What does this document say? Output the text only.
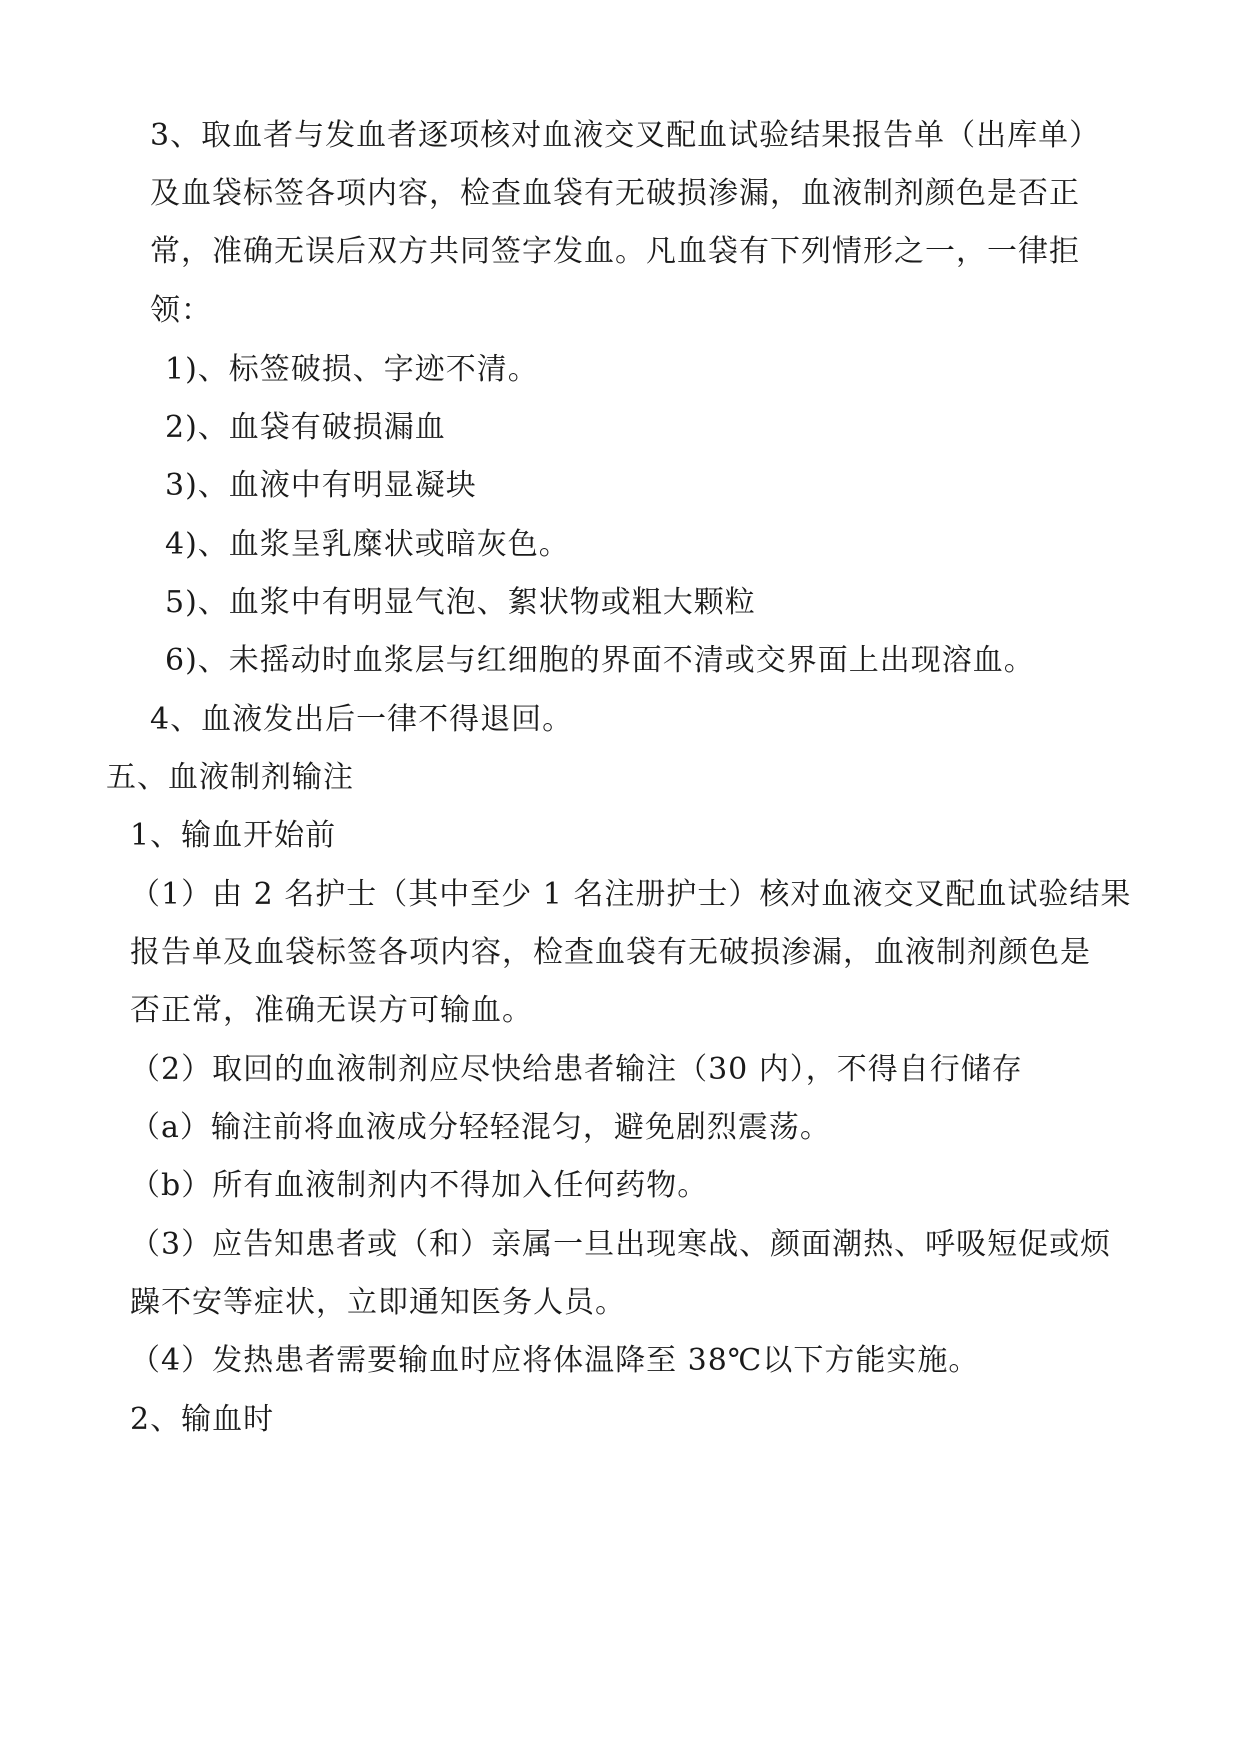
3、取血者与发血者逐项核对血液交叉配血试验结果报告单（出库单）
及血袋标签各项内容，检查血袋有无破损渗漏，血液制剂颜色是否正
常，准确无误后双方共同签字发血。凡血袋有下列情形之一，一律拒
领：
1)、标签破损、字迹不清。
2)、血袋有破损漏血
3)、血液中有明显凝块
4)、血浆呈乳糜状或暗灰色。
5)、血浆中有明显气泡、絮状物或粗大颗粒
6)、未摇动时血浆层与红细胞的界面不清或交界面上出现溶血。
4、血液发出后一律不得退回。
五、血液制剂输注
1、输血开始前
（1）由 2 名护士（其中至少 1 名注册护士）核对血液交叉配血试验结果
报告单及血袋标签各项内容，检查血袋有无破损渗漏，血液制剂颜色是
否正常，准确无误方可输血。
（2）取回的血液制剂应尽快给患者输注（30 内），不得自行储存
（a）输注前将血液成分轻轻混匀，避免剧烈震荡。
（b）所有血液制剂内不得加入任何药物。
（3）应告知患者或（和）亲属一旦出现寒战、颜面潮热、呼吸短促或烦
躁不安等症状，立即通知医务人员。
（4）发热患者需要输血时应将体温降至 38℃以下方能实施。
2、输血时
